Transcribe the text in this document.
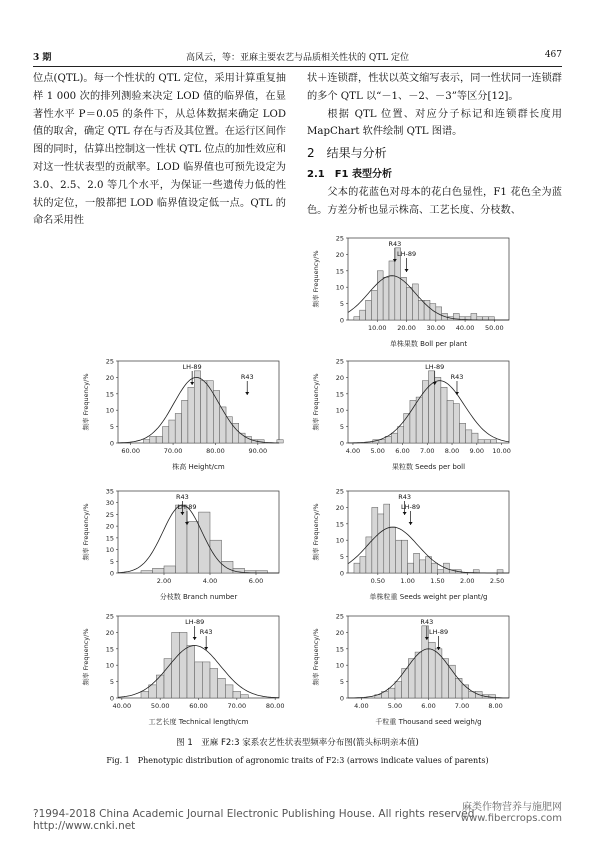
3 期	高风云，等：亚麻主要农艺与品质相关性状的 QTL 定位	467

位点(QTL)。每一个性状的 QTL 定位，采用计算重复抽样 1 000 次的排列测验来决定 LOD 值的临界值，在显著性水平 P＝0.05 的条件下，从总体数据来确定 LOD 值的取舍，确定 QTL 存在与否及其位置。在运行区间作图的同时，估算出控制这一性状 QTL 位点的加性效应和对这一性状表型的贡献率。LOD 临界值也可预先设定为 3.0、2.5、2.0 等几个水平，为保证一些遗传力低的性状的定位，一般都把 LOD 临界值设定低一点。QTL 的命名采用性

状＋连锁群，性状以英文缩写表示，同一性状同一连锁群的多个 QTL 以“－1、－2、－3”等区分[12]。

根据 QTL 位置、对应分子标记和连锁群长度用 MapChart 软件绘制 QTL 图谱。

2　结果与分析
2.1　F1 表型分析

父本的花蓝色对母本的花白色显性，F1 花色全为蓝色。方差分析也显示株高、工艺长度、分枝数、

0
5
10
15
20
25
10.00 20.00 30.00 40.00 50.00
R43
LH-89
单株果数 Boll per plant
频率 Frequency/%
0
5
10
15
20
25
60.00	70.00	80.00	90.00
LH-89
R43
株高 Height/cm
频率 Frequency/%
0
5
10
15
20
25
4.00 5.00 6.00 7.00 8.00 9.00 10.00
LH-89
R43
果粒数 Seeds per boll
频率 Frequency/%
0
5
10
15
20
25
30
35
2.00	4.00	6.00
R43
LH-89
分枝数 Branch number
频率 Frequency/%
0
5
10
15
20
25
0.50 1.00 1.50 2.00 2.50
R43
LH-89
单株粒重 Seeds weight per plant/g
频率 Frequency/%
0
5
10
15
20
25
40.00	50.00	60.00	70.00	80.00
LH-89
R43
工艺长度 Technical length/cm
频率 Frequency/%
0
5
10
15
20
25
4.00	5.00	6.00	7.00	8.00
R43
LH-89
千粒重 Thousand seed weigh/g
频率 Frequency/%
图 1　亚麻 F2:3 家系农艺性状表型频率分布图(箭头标明亲本值)
Fig. 1　Phenotypic distribution of agronomic traits of F2:3 (arrows indicate values of parents)
?1994-2018 China Academic Journal Electronic Publishing House. All rights reserved. http://www.cnki.net
麻类作物营养与施肥网
www.fibercrops.com
